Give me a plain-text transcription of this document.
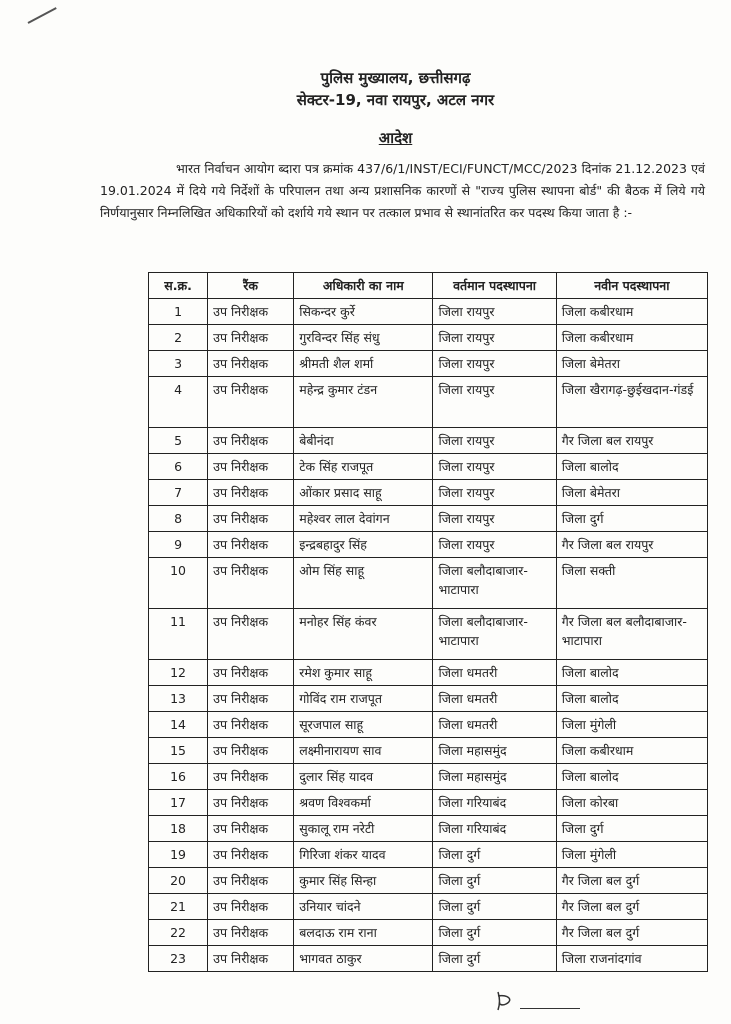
पुलिस मुख्यालय, छत्तीसगढ़

सेक्टर-19, नवा रायपुर, अटल नगर

आदेश

भारत निर्वाचन आयोग ब्दारा पत्र क्रमांक 437/6/1/INST/ECI/FUNCT/MCC/2023 दिनांक 21.12.2023 एवं 19.01.2024 में दिये गये निर्देशों के परिपालन तथा अन्य प्रशासनिक कारणों से "राज्य पुलिस स्थापना बोर्ड" की बैठक में लिये गये निर्णयानुसार निम्नलिखित अधिकारियों को दर्शाये गये स्थान पर तत्काल प्रभाव से स्थानांतरित कर पदस्थ किया जाता है :-

स.क्र.	रैंक	अधिकारी का नाम	वर्तमान पदस्थापना	नवीन पदस्थापना
1	उप निरीक्षक	सिकन्दर कुर्रे	जिला रायपुर	जिला कबीरधाम
2	उप निरीक्षक	गुरविन्दर सिंह संधु	जिला रायपुर	जिला कबीरधाम
3	उप निरीक्षक	श्रीमती शैल शर्मा	जिला रायपुर	जिला बेमेतरा
4	उप निरीक्षक	महेन्द्र कुमार टंडन	जिला रायपुर	जिला खैरागढ़-छुईखदान-गंडई
5	उप निरीक्षक	बेबीनंदा	जिला रायपुर	गैर जिला बल रायपुर
6	उप निरीक्षक	टेक सिंह राजपूत	जिला रायपुर	जिला बालोद
7	उप निरीक्षक	ओंकार प्रसाद साहू	जिला रायपुर	जिला बेमेतरा
8	उप निरीक्षक	महेश्वर लाल देवांगन	जिला रायपुर	जिला दुर्ग
9	उप निरीक्षक	इन्द्रबहादुर सिंह	जिला रायपुर	गैर जिला बल रायपुर
10	उप निरीक्षक	ओम सिंह साहू	जिला बलौदाबाजार-भाटापारा	जिला सक्ती
11	उप निरीक्षक	मनोहर सिंह कंवर	जिला बलौदाबाजार-भाटापारा	गैर जिला बल बलौदाबाजार- भाटापारा
12	उप निरीक्षक	रमेश कुमार साहू	जिला धमतरी	जिला बालोद
13	उप निरीक्षक	गोविंद राम राजपूत	जिला धमतरी	जिला बालोद
14	उप निरीक्षक	सूरजपाल साहू	जिला धमतरी	जिला मुंगेली
15	उप निरीक्षक	लक्ष्मीनारायण साव	जिला महासमुंद	जिला कबीरधाम
16	उप निरीक्षक	दुलार सिंह यादव	जिला महासमुंद	जिला बालोद
17	उप निरीक्षक	श्रवण विश्वकर्मा	जिला गरियाबंद	जिला कोरबा
18	उप निरीक्षक	सुकालू राम नरेटी	जिला गरियाबंद	जिला दुर्ग
19	उप निरीक्षक	गिरिजा शंकर यादव	जिला दुर्ग	जिला मुंगेली
20	उप निरीक्षक	कुमार सिंह सिन्हा	जिला दुर्ग	गैर जिला बल दुर्ग
21	उप निरीक्षक	उनियार चांदने	जिला दुर्ग	गैर जिला बल दुर्ग
22	उप निरीक्षक	बलदाऊ राम राना	जिला दुर्ग	गैर जिला बल दुर्ग
23	उप निरीक्षक	भागवत ठाकुर	जिला दुर्ग	जिला राजनांदगांव
